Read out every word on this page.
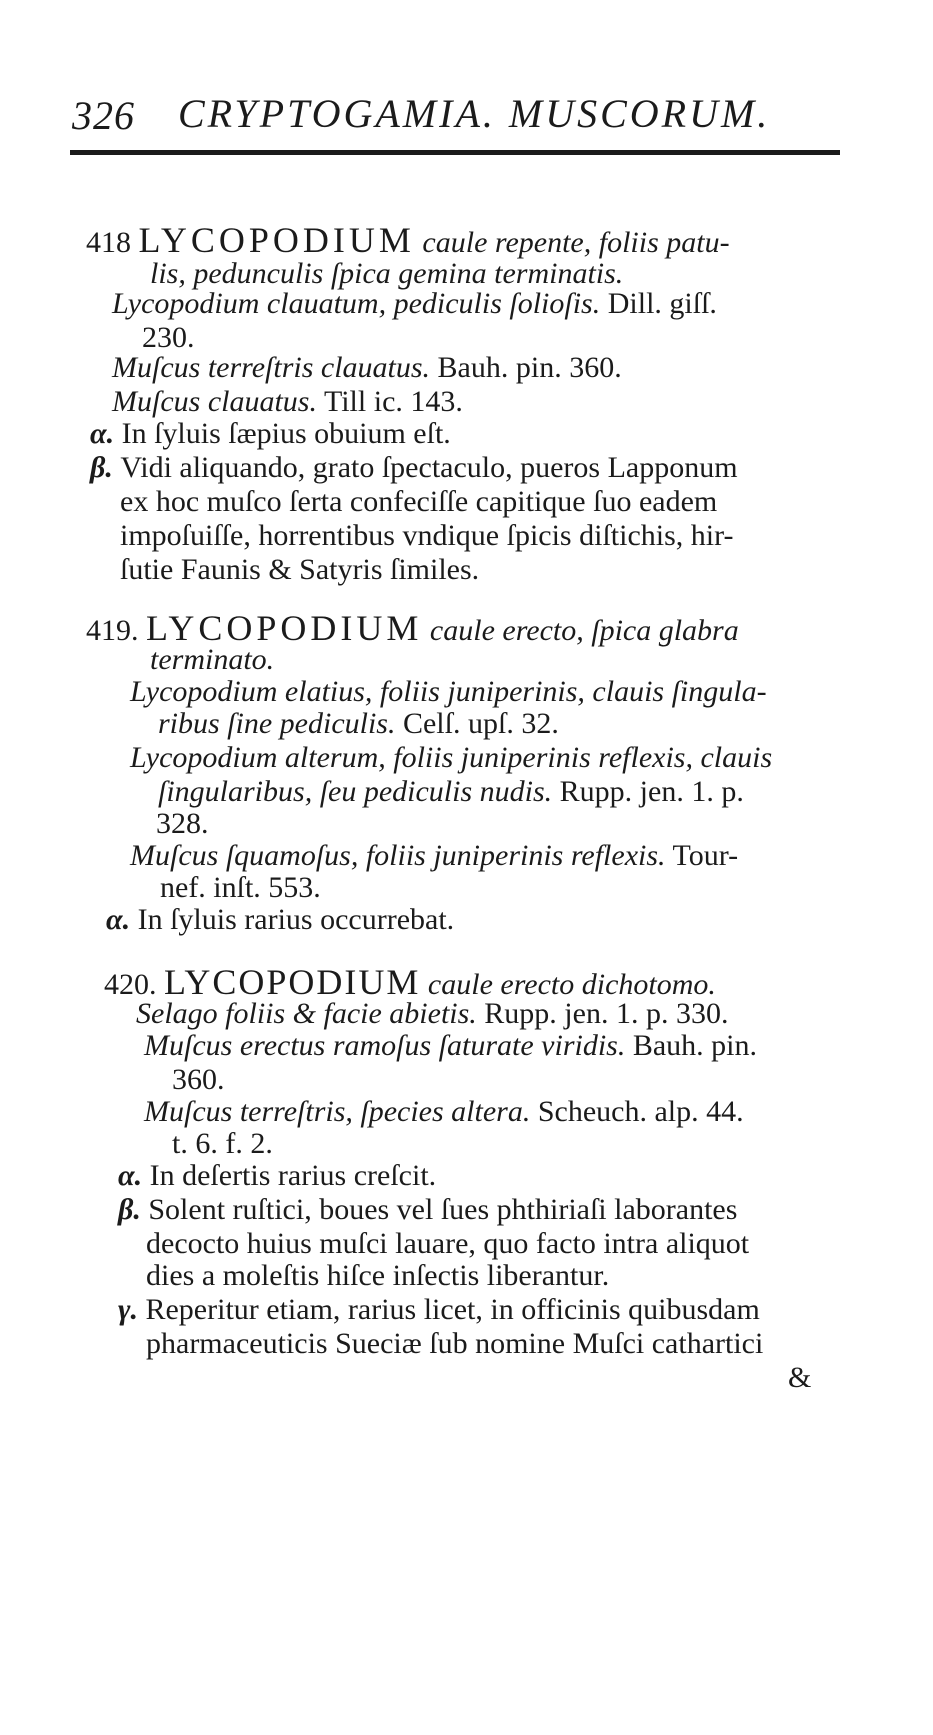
326 CRYPTOGAMIA. MUSCORUM.
418 LYCOPODIUM caule repente, foliis patu-
lis, pedunculis ſpica gemina terminatis.
Lycopodium clauatum, pediculis ſolioſis. Dill. giſſ.
230.
Muſcus terreſtris clauatus. Bauh. pin. 360.
Muſcus clauatus. Till ic. 143.
α. In ſyluis ſæpius obuium eſt.
β. Vidi aliquando, grato ſpectaculo, pueros Lapponum
ex hoc muſco ſerta confeciſſe capitique ſuo eadem
impoſuiſſe, horrentibus vndique ſpicis diſtichis, hir-
ſutie Faunis & Satyris ſimiles.
419. LYCOPODIUM caule erecto, ſpica glabra
terminato.
Lycopodium elatius, foliis juniperinis, clauis ſingula-
ribus ſine pediculis. Celſ. upſ. 32.
Lycopodium alterum, foliis juniperinis reflexis, clauis
ſingularibus, ſeu pediculis nudis. Rupp. jen. 1. p.
328.
Muſcus ſquamoſus, foliis juniperinis reflexis. Tour-
nef. inſt. 553.
α. In ſyluis rarius occurrebat.
420. LYCOPODIUM caule erecto dichotomo.
Selago foliis & facie abietis. Rupp. jen. 1. p. 330.
Muſcus erectus ramoſus ſaturate viridis. Bauh. pin.
360.
Muſcus terreſtris, ſpecies altera. Scheuch. alp. 44.
t. 6. f. 2.
α. In deſertis rarius creſcit.
β. Solent ruſtici, boues vel ſues phthiriaſi laborantes
decocto huius muſci lauare, quo facto intra aliquot
dies a moleſtis hiſce inſectis liberantur.
γ. Reperitur etiam, rarius licet, in officinis quibusdam
pharmaceuticis Sueciæ ſub nomine Muſci cathartici
&
